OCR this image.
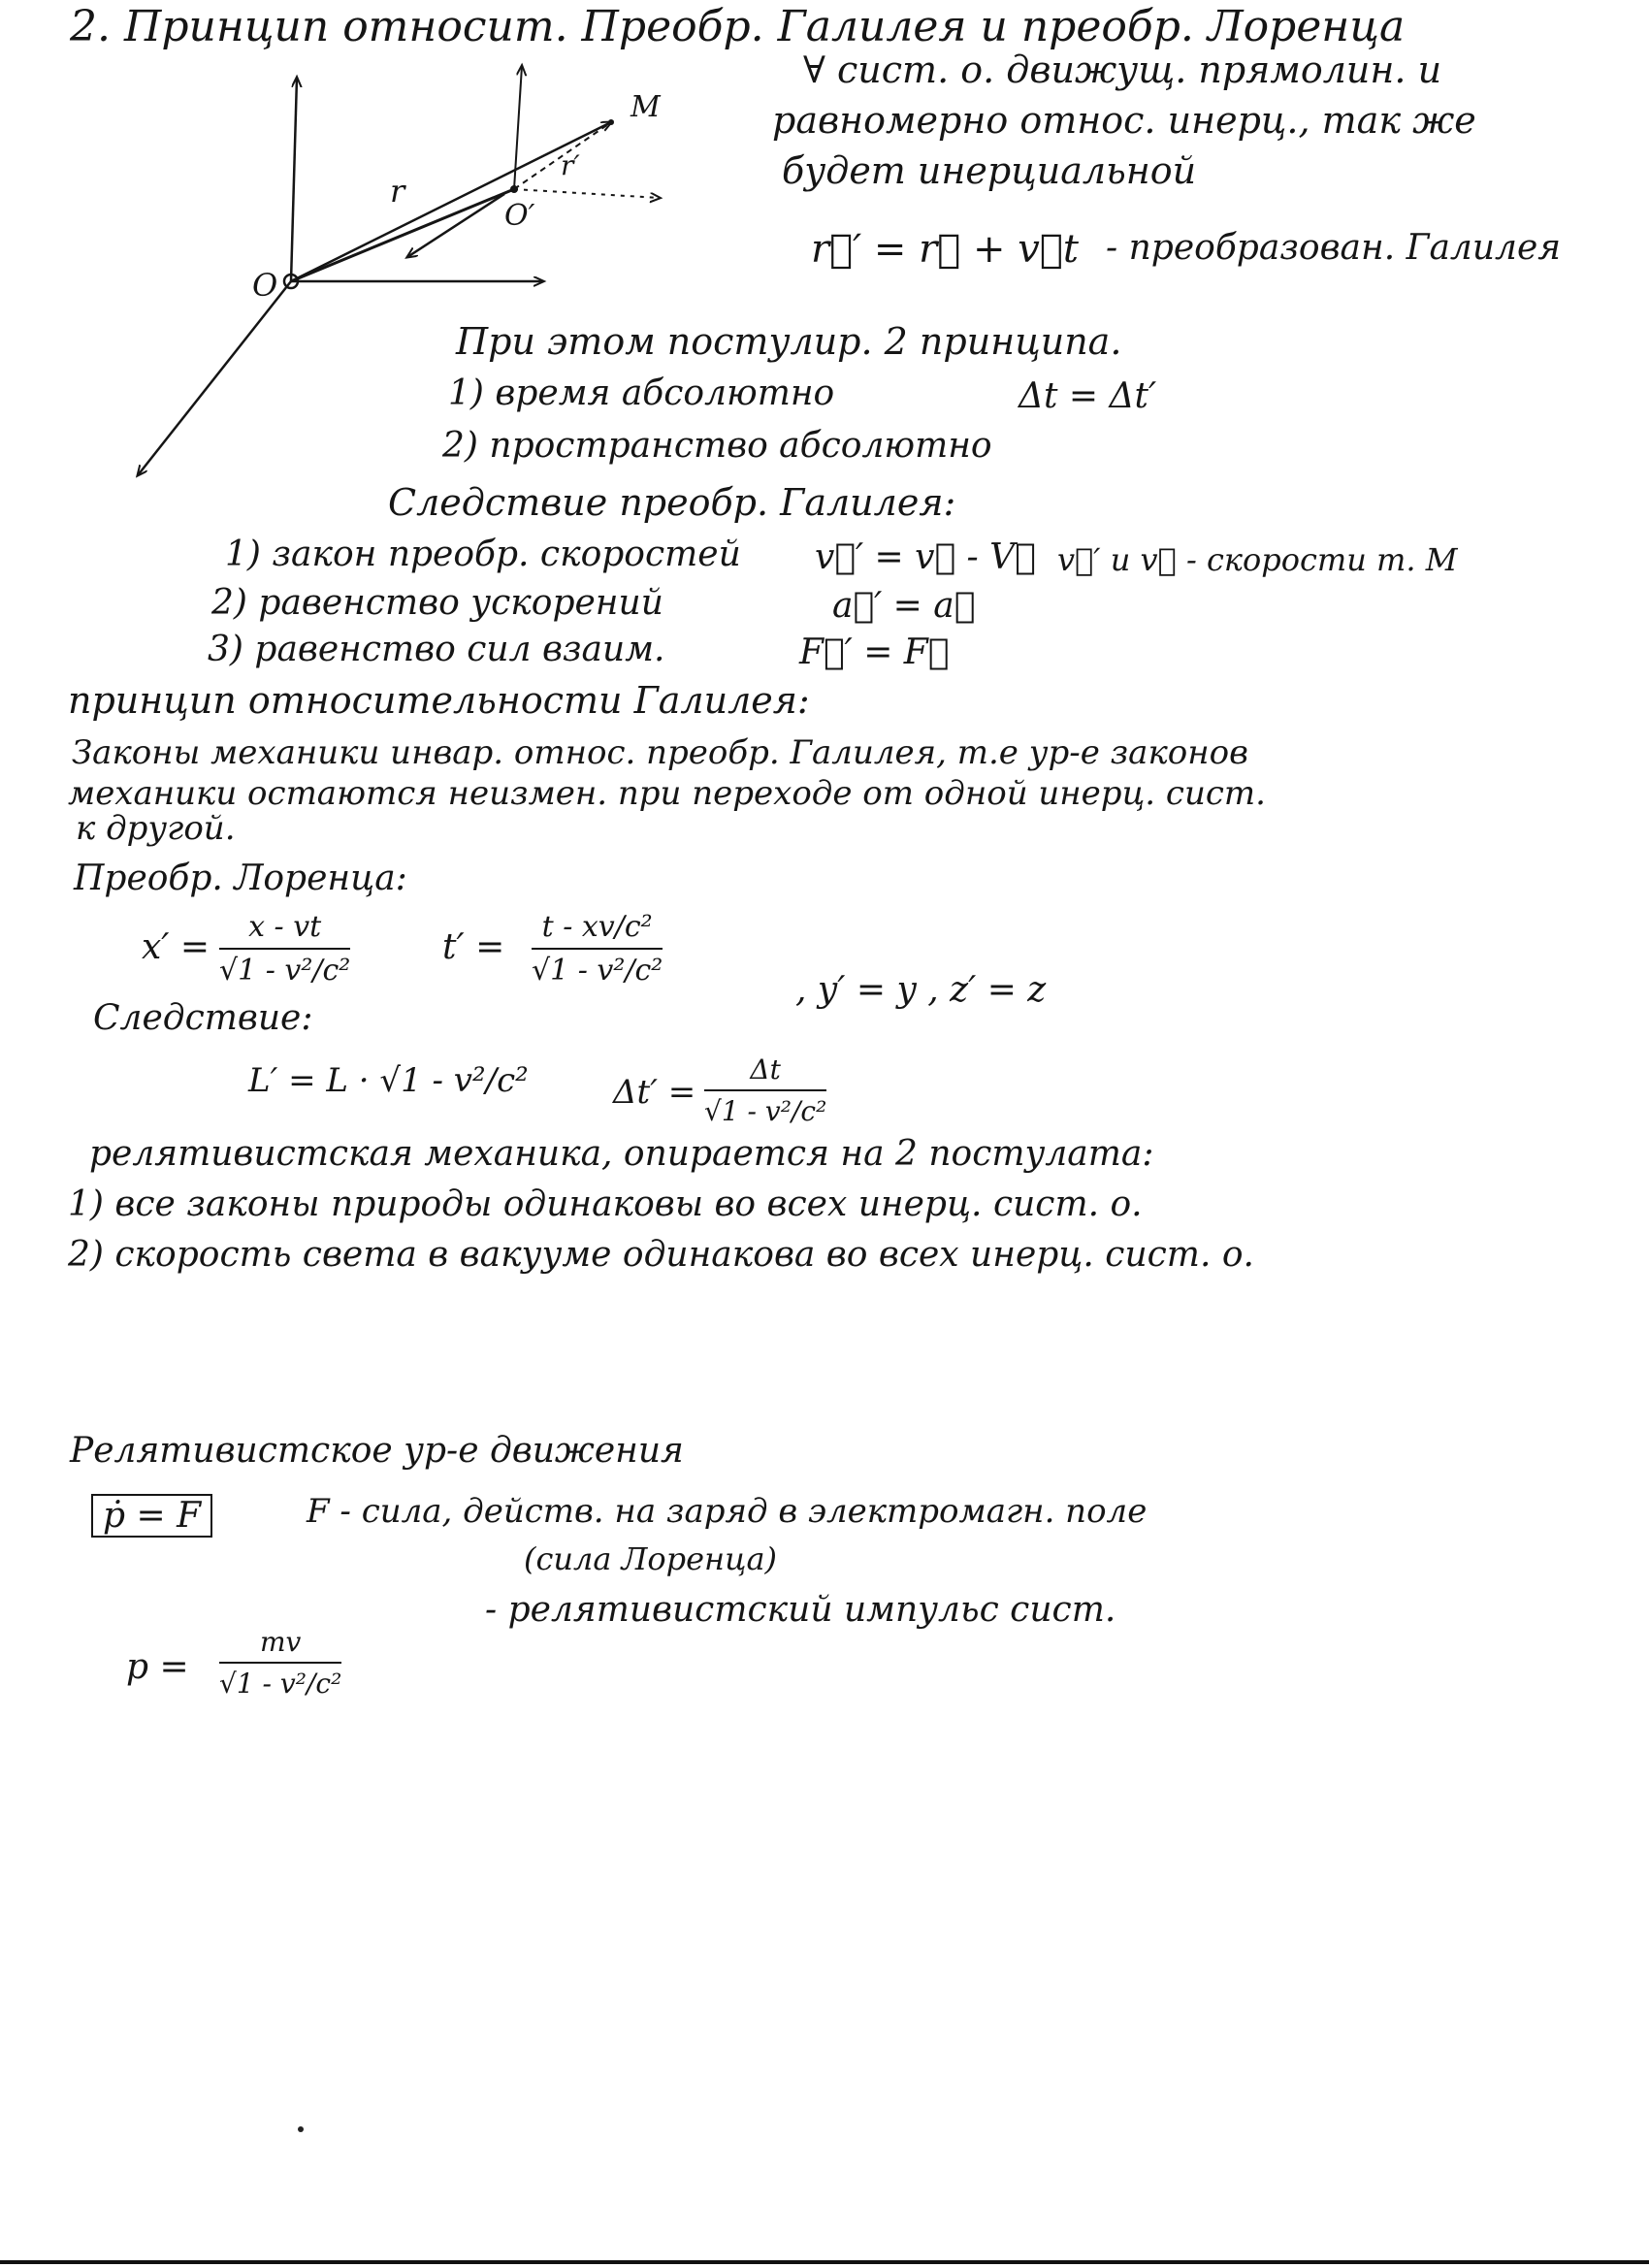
2. Принцип относит. Преобр. Галилея и преобр. Лоренца
O
O′
M
r
r′
∀ сист. о. движущ. прямолин. и
равномерно относ. инерц., так же
будет инерциальной
r⃗′ = r⃗ + v⃗t - преобразован. Галилея
При этом постулир. 2 принципа.
1) время абсолютно	Δt = Δt′
2) пространство абсолютно
Следствие преобр. Галилея:
1) закон преобр. скоростей v⃗′ = v⃗ - V⃗ v⃗′ и v⃗ - скорости т. M
2) равенство ускорений	a⃗′ = a⃗
3) равенство сил взаим.	F⃗′ = F⃗
принцип относительности Галилея:
Законы механики инвар. относ. преобр. Галилея, т.е ур-е законов
механики остаются неизмен. при переходе от одной инерц. сист.
к другой.
Преобр. Лоренца:
x′ =
x - vt
√1 - v²/c²
t′ =
t - xv/c²
√1 - v²/c²	, y′ = y , z′ = z
Следствие:
L′ = L · √1 - v²/c²	Δt′ =
Δt
√1 - v²/c²
релятивистская механика, опирается на 2 постулата:
1) все законы природы одинаковы во всех инерц. сист. о.
2) скорость света в вакууме одинакова во всех инерц. сист. о.
Релятивистское ур-е движения
ṗ = F	F - сила, действ. на заряд в электромагн. поле
(сила Лоренца)
p =
mv
√1 - v²/c²
- релятивистский импульс сист.
